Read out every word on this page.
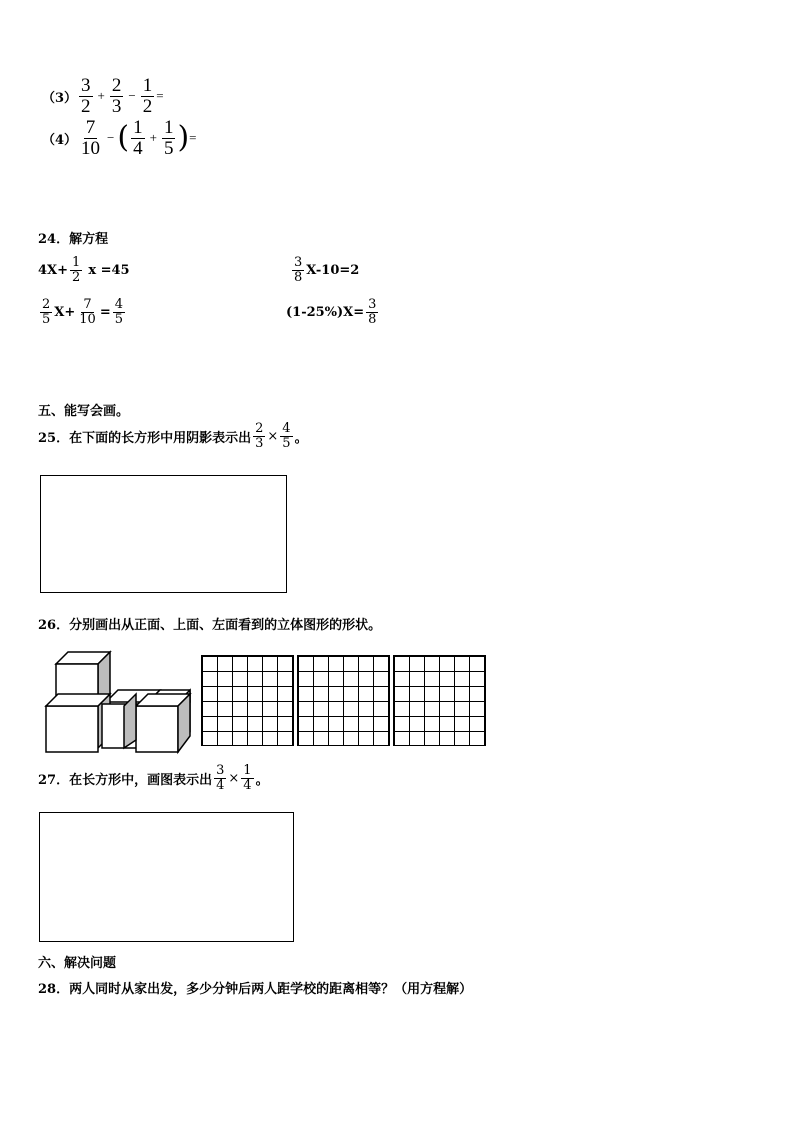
$(3) \frac{3}{2} + \frac{2}{3} - \frac{1}{2}$ =
$(4) \frac{7}{10}$ − ( $\frac{1}{4} + \frac{1}{5}$ ) =
24．解方程
$4X+ \frac{1}{2}$ x =45	$\frac{3}{8} X-10=2$
$\frac{2}{5} X+ \frac{7}{10} = \frac{4}{5}$	$(1-25\%)X= \frac{3}{8}$
五、能写会画。
25．在下面的长方形中用阴影表示出 $\frac{2}{3} \times \frac{4}{5}$ 。
26．分别画出从正面、上面、左面看到的立体图形的形状。
27．在长方形中，画图表示出 $\frac{3}{4} \times \frac{1}{4}$ 。
六、解决问题
28．两人同时从家出发，多少分钟后两人距学校的距离相等？（用方程解）
